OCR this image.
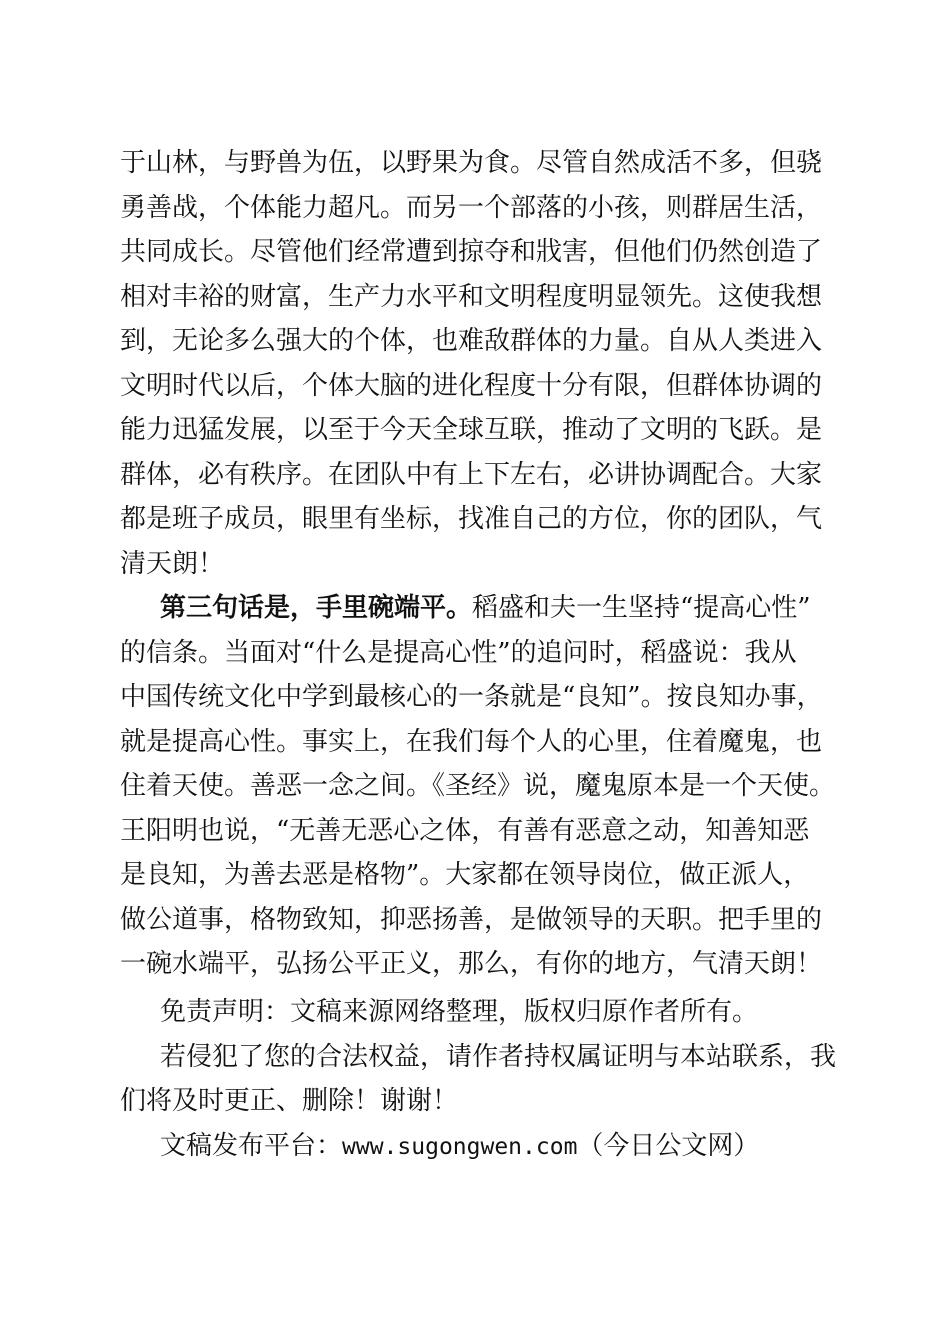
于山林，与野兽为伍，以野果为食。尽管自然成活不多，但骁
勇善战，个体能力超凡。而另一个部落的小孩，则群居生活，
共同成长。尽管他们经常遭到掠夺和戕害，但他们仍然创造了
相对丰裕的财富，生产力水平和文明程度明显领先。这使我想
到，无论多么强大的个体，也难敌群体的力量。自从人类进入
文明时代以后，个体大脑的进化程度十分有限，但群体协调的
能力迅猛发展，以至于今天全球互联，推动了文明的飞跃。是
群体，必有秩序。在团队中有上下左右，必讲协调配合。大家
都是班子成员，眼里有坐标，找准自己的方位，你的团队，气
清天朗！
第三句话是，手里碗端平。稻盛和夫一生坚持“提高心性”
的信条。当面对“什么是提高心性”的追问时，稻盛说：我从
中国传统文化中学到最核心的一条就是“良知”。按良知办事，
就是提高心性。事实上，在我们每个人的心里，住着魔鬼，也
住着天使。善恶一念之间。《圣经》说，魔鬼原本是一个天使。
王阳明也说，“无善无恶心之体，有善有恶意之动，知善知恶
是良知，为善去恶是格物”。大家都在领导岗位，做正派人，
做公道事，格物致知，抑恶扬善，是做领导的天职。把手里的
一碗水端平，弘扬公平正义，那么，有你的地方，气清天朗！
免责声明：文稿来源网络整理，版权归原作者所有。
若侵犯了您的合法权益，请作者持权属证明与本站联系，我
们将及时更正、删除！谢谢！
文稿发布平台：www.sugongwen.com（今日公文网）
